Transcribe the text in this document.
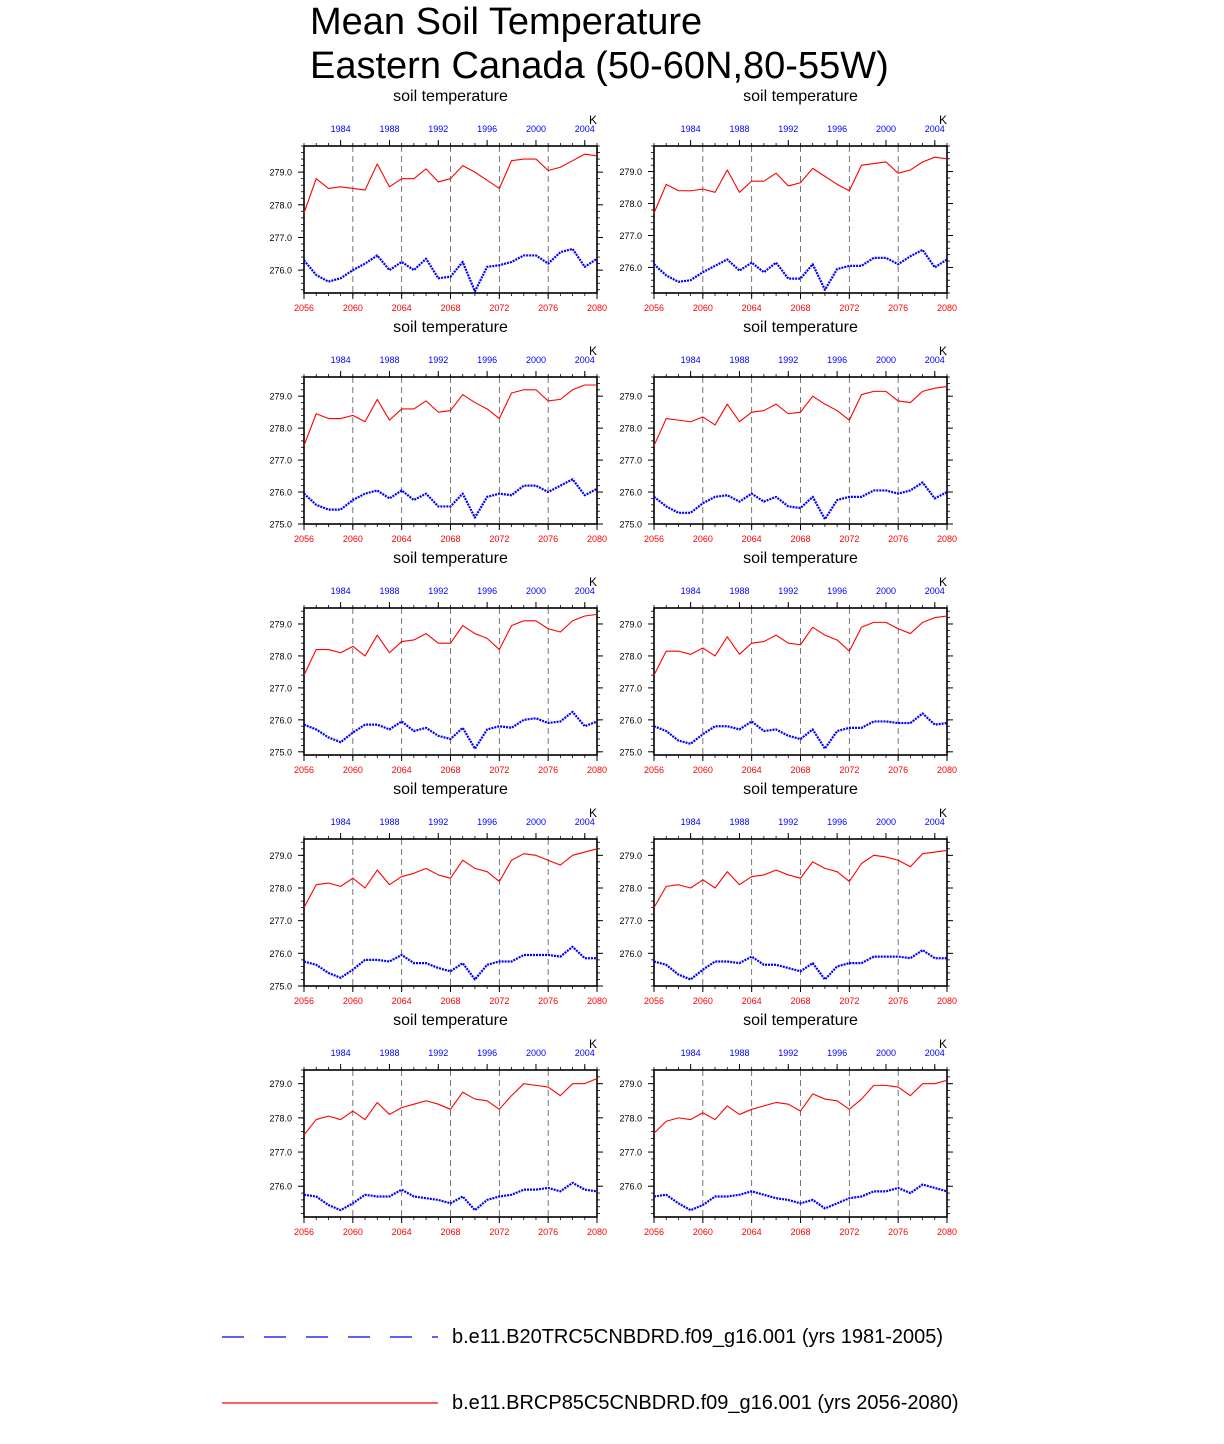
Mean Soil Temperature
Eastern Canada (50-60N,80-55W)
soil temperature
K
2056	2060	2064	2068	2072	2076	2080
1984	1988	1992	1996	2000	2004
276.0
277.0
278.0
279.0
soil temperature
K
2056	2060	2064	2068	2072	2076	2080
1984	1988	1992	1996	2000	2004
276.0
277.0
278.0
279.0
soil temperature
K
2056	2060	2064	2068	2072	2076	2080
1984	1988	1992	1996	2000	2004
275.0
276.0
277.0
278.0
279.0
soil temperature
K
2056	2060	2064	2068	2072	2076	2080
1984	1988	1992	1996	2000	2004
275.0
276.0
277.0
278.0
279.0
soil temperature
K
2056	2060	2064	2068	2072	2076	2080
1984	1988	1992	1996	2000	2004
275.0
276.0
277.0
278.0
279.0
soil temperature
K
2056	2060	2064	2068	2072	2076	2080
1984	1988	1992	1996	2000	2004
275.0
276.0
277.0
278.0
279.0
soil temperature
K
2056	2060	2064	2068	2072	2076	2080
1984	1988	1992	1996	2000	2004
275.0
276.0
277.0
278.0
279.0
soil temperature
K
2056	2060	2064	2068	2072	2076	2080
1984	1988	1992	1996	2000	2004
276.0
277.0
278.0
279.0
soil temperature
K
2056	2060	2064	2068	2072	2076	2080
1984	1988	1992	1996	2000	2004
276.0
277.0
278.0
279.0
soil temperature
K
2056	2060	2064	2068	2072	2076	2080
1984	1988	1992	1996	2000	2004
276.0
277.0
278.0
279.0
b.e11.B20TRC5CNBDRD.f09_g16.001 (yrs 1981-2005)
b.e11.BRCP85C5CNBDRD.f09_g16.001 (yrs 2056-2080)
